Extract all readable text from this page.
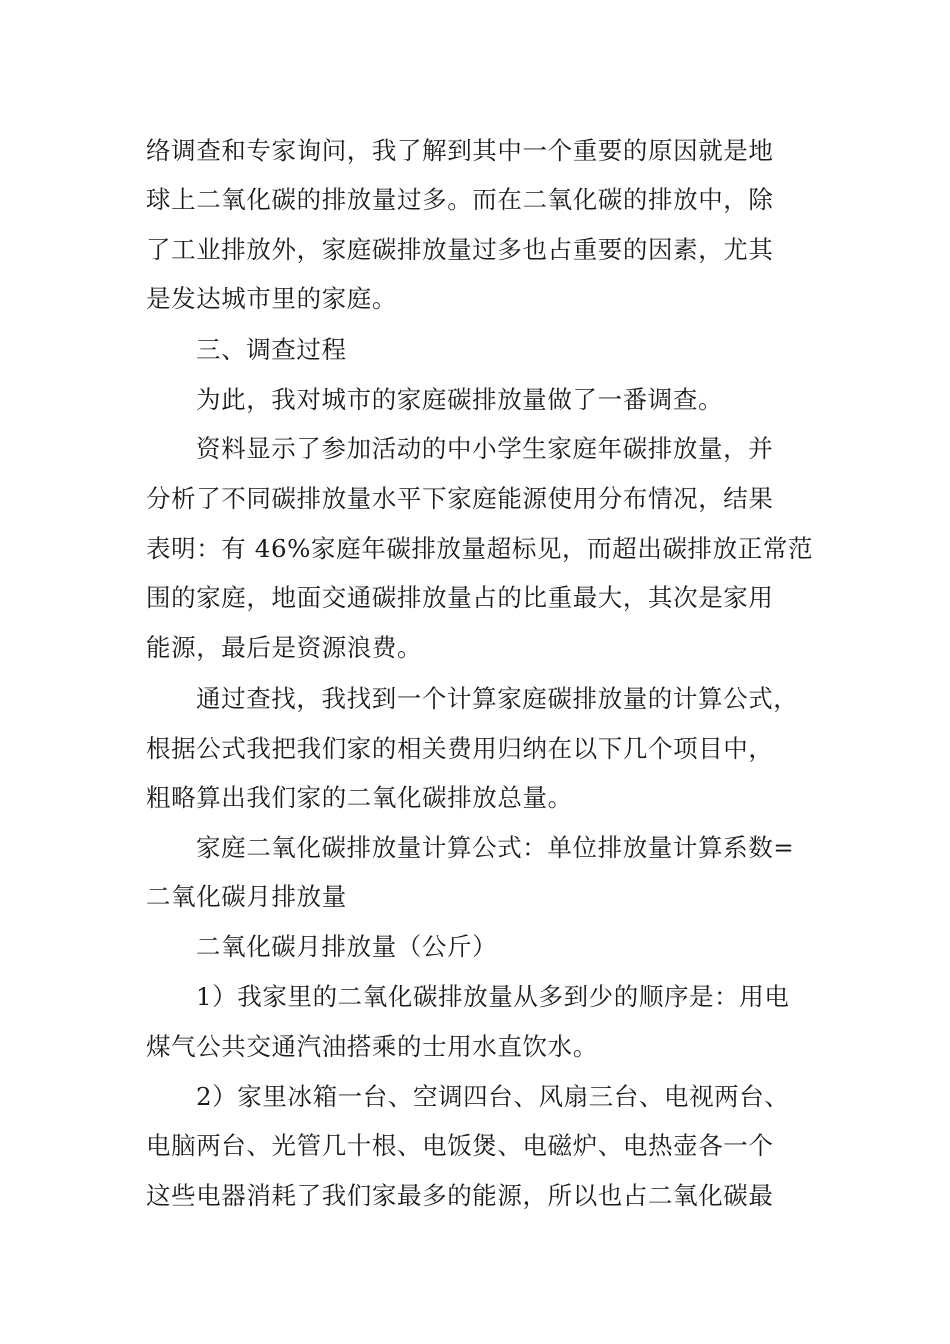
络调查和专家询问，我了解到其中一个重要的原因就是地
球上二氧化碳的排放量过多。而在二氧化碳的排放中，除
了工业排放外，家庭碳排放量过多也占重要的因素，尤其
是发达城市里的家庭。
三、调查过程
为此，我对城市的家庭碳排放量做了一番调查。
资料显示了参加活动的中小学生家庭年碳排放量，并
分析了不同碳排放量水平下家庭能源使用分布情况，结果
表明：有 46%家庭年碳排放量超标见，而超出碳排放正常范
围的家庭，地面交通碳排放量占的比重最大，其次是家用
能源，最后是资源浪费。
通过查找，我找到一个计算家庭碳排放量的计算公式，
根据公式我把我们家的相关费用归纳在以下几个项目中，
粗略算出我们家的二氧化碳排放总量。
家庭二氧化碳排放量计算公式：单位排放量计算系数=
二氧化碳月排放量
二氧化碳月排放量（公斤）
1）我家里的二氧化碳排放量从多到少的顺序是：用电
煤气公共交通汽油搭乘的士用水直饮水。
2）家里冰箱一台、空调四台、风扇三台、电视两台、
电脑两台、光管几十根、电饭煲、电磁炉、电热壶各一个
这些电器消耗了我们家最多的能源，所以也占二氧化碳最
